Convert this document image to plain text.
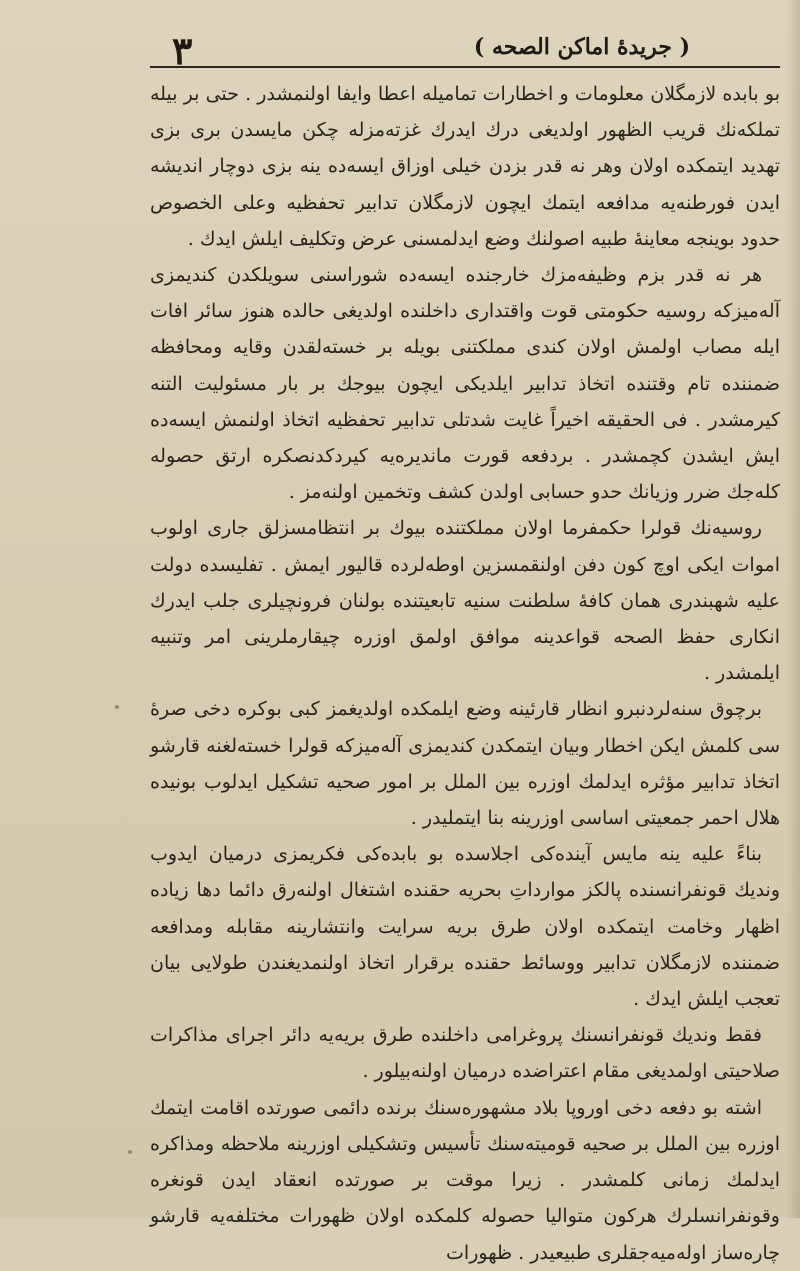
٣	( جريدهٔ اماكن الصحه )

بو بابده لازمگلان معلومات و اخطارات تماميله اعطا وايفا اولنمشدر . حتى بر بيله تملكه‌نك قريب الظهور اولديغى درك ايدرك غزته‌مزله چكن مايسدن برى بزى تهديد ايتمكده اولان وهر نه قدر بزدن خيلى اوزاق ايسه‌ده ينه بزى دوچار انديشه ايدن فورطنه‌يه مدافعه ايتمك ايچون لازمگلان تدابير تحفظيه وعلى الخصوص حدود بوينجه معاينهٔ طبيه اصولنك وضع ايدلمسنى عرض وتكليف ايلش ايدك .

هر نه قدر بزم وظيفه‌مزك خارجنده ايسه‌ده شوراسنى سويلكدن كنديمزى آله‌ميزكه روسيه حكومتى قوت واقتدارى داخلنده اولديغى حالده هنوز سائر افات ايله مصاب اولمش اولان كندى مملكتنى بويله بر خسته‌لقدن وقايه ومحافظه ضمننده تام وقتنده اتخاذ تدابير ايلديكى ايچون بيوجك بر بار مسئوليت التنه كيرمشدر . فى الحقيقه اخيراً غايت شدتلى تدابير تحفظيه اتخاذ اولنمش ايسه‌ده ايش ايشدن كچمشدر . بردفعه قورت مانديره‌يه كيردكدنصكره ارتق حصوله كله‌جك ضرر وزيانك حدو حسابى اولدن كشف وتخمين اولنه‌مز .

روسيه‌نك قولرا حكمفرما اولان مملكتنده بيوك بر انتظامسزلق جارى اولوب اموات ايكى اوچ كون دفن اولنقمسزين اوطه‌لرده قاليور ايمش . تفليسده دولت عليه شهبندرى همان كافهٔ سلطنت سنيه تابعيتنده بولنان فرونچيلرى جلب ايدرك انكارى حفظ الصحه قواعدينه موافق اولمق اوزره چيقارملرينى امر وتنبيه ايلمشدر .

برچوق سنه‌لردنبرو انظار قارئينه وضع ايلمكده اولديغمز كبى بوكره دخى صرهٔ سى كلمش ايكن اخطار وبيان ايتمكدن كنديمزى آله‌ميزكه قولرا خسته‌لغنه قارشو اتخاذ تدابير مؤثره ايدلمك اوزره بين الملل بر امور صحيه تشكيل ايدلوب بونيده هلال احمر جمعيتى اساسى اوزرينه بنا ايتمليدر .

بناءً عليه ينه مايس آينده‌كى اجلاسده بو بابده‌كى فكريمزى درميان ايدوب ونديك قونفرانسنده پالكز موارداتِ بحريه حقنده اشتغال اولنه‌رق دائما دها زياده اظهار وخامت ايتمكده اولان طرق بريه سرايت وانتشارينه مقابله ومدافعه ضمننده لازمگلان تدابير ووسائط حقنده برقرار اتخاذ اولنمديغندن طولايى بيان تعجب ايلش ايدك .

فقط ونديك قونفرانسنك پروغرامى داخلنده طرق بريه‌يه دائر اجراى مذاكرات صلاحيتى اولمديغى مقام اعتراضده درميان اولنه‌بيلور .

اشته بو دفعه دخى اوروپا بلاد مشهوره‌سنك برنده دائمى صورتده اقامت ايتمك اوزره بين الملل بر صحيه قوميته‌سنك تأسيس وتشكيلى اوزرينه ملاحظه ومذاكره ايدلمك زمانى كلمشدر . زيرا موقت بر صورتده انعقاد ايدن قونغره وقونفرانسلرك هركون متواليا حصوله كلمكده اولان ظهورات مختلفه‌يه قارشو چاره‌ساز اوله‌ميه‌جقلرى طبيعيدر . ظهورات
